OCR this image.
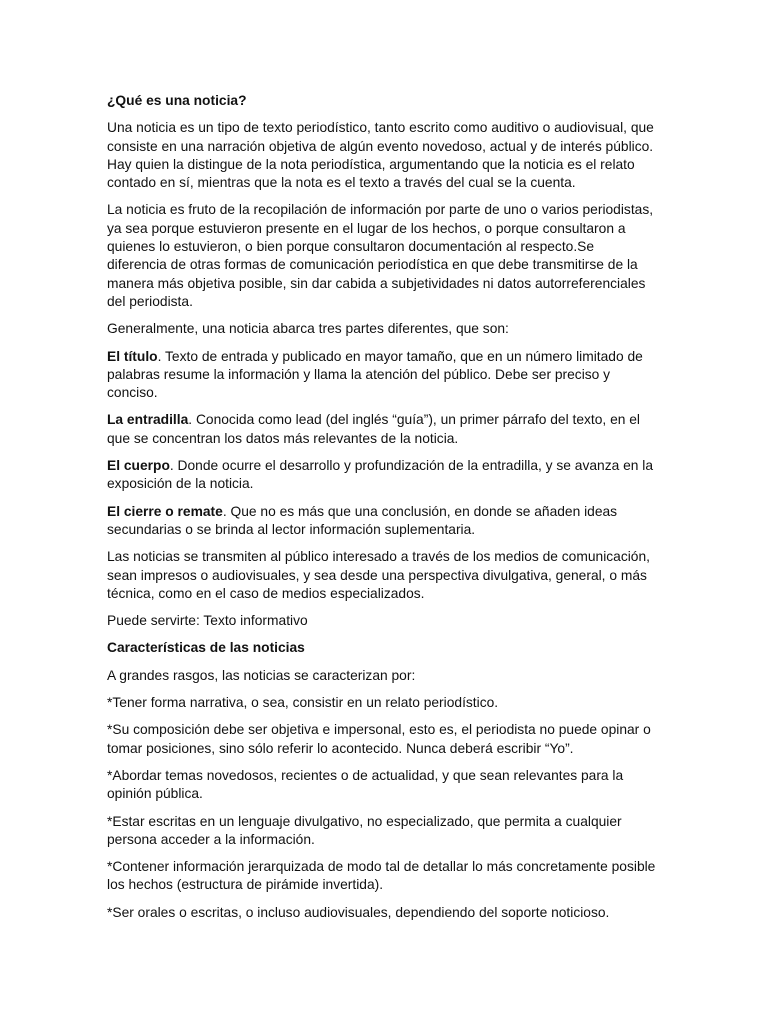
¿Qué es una noticia?

Una noticia es un tipo de texto periodístico, tanto escrito como auditivo o audiovisual, que consiste en una narración objetiva de algún evento novedoso, actual y de interés público. Hay quien la distingue de la nota periodística, argumentando que la noticia es el relato contado en sí, mientras que la nota es el texto a través del cual se la cuenta.

La noticia es fruto de la recopilación de información por parte de uno o varios periodistas, ya sea porque estuvieron presente en el lugar de los hechos, o porque consultaron a quienes lo estuvieron, o bien porque consultaron documentación al respecto.Se diferencia de otras formas de comunicación periodística en que debe transmitirse de la manera más objetiva posible, sin dar cabida a subjetividades ni datos autorreferenciales del periodista.

Generalmente, una noticia abarca tres partes diferentes, que son:

El título. Texto de entrada y publicado en mayor tamaño, que en un número limitado de palabras resume la información y llama la atención del público. Debe ser preciso y conciso.

La entradilla. Conocida como lead (del inglés “guía”), un primer párrafo del texto, en el que se concentran los datos más relevantes de la noticia.

El cuerpo. Donde ocurre el desarrollo y profundización de la entradilla, y se avanza en la exposición de la noticia.

El cierre o remate. Que no es más que una conclusión, en donde se añaden ideas secundarias o se brinda al lector información suplementaria.

Las noticias se transmiten al público interesado a través de los medios de comunicación, sean impresos o audiovisuales, y sea desde una perspectiva divulgativa, general, o más técnica, como en el caso de medios especializados.

Puede servirte: Texto informativo

Características de las noticias

A grandes rasgos, las noticias se caracterizan por:

*Tener forma narrativa, o sea, consistir en un relato periodístico.

*Su composición debe ser objetiva e impersonal, esto es, el periodista no puede opinar o tomar posiciones, sino sólo referir lo acontecido. Nunca deberá escribir “Yo”.

*Abordar temas novedosos, recientes o de actualidad, y que sean relevantes para la opinión pública.

*Estar escritas en un lenguaje divulgativo, no especializado, que permita a cualquier persona acceder a la información.

*Contener información jerarquizada de modo tal de detallar lo más concretamente posible los hechos (estructura de pirámide invertida).

*Ser orales o escritas, o incluso audiovisuales, dependiendo del soporte noticioso.
